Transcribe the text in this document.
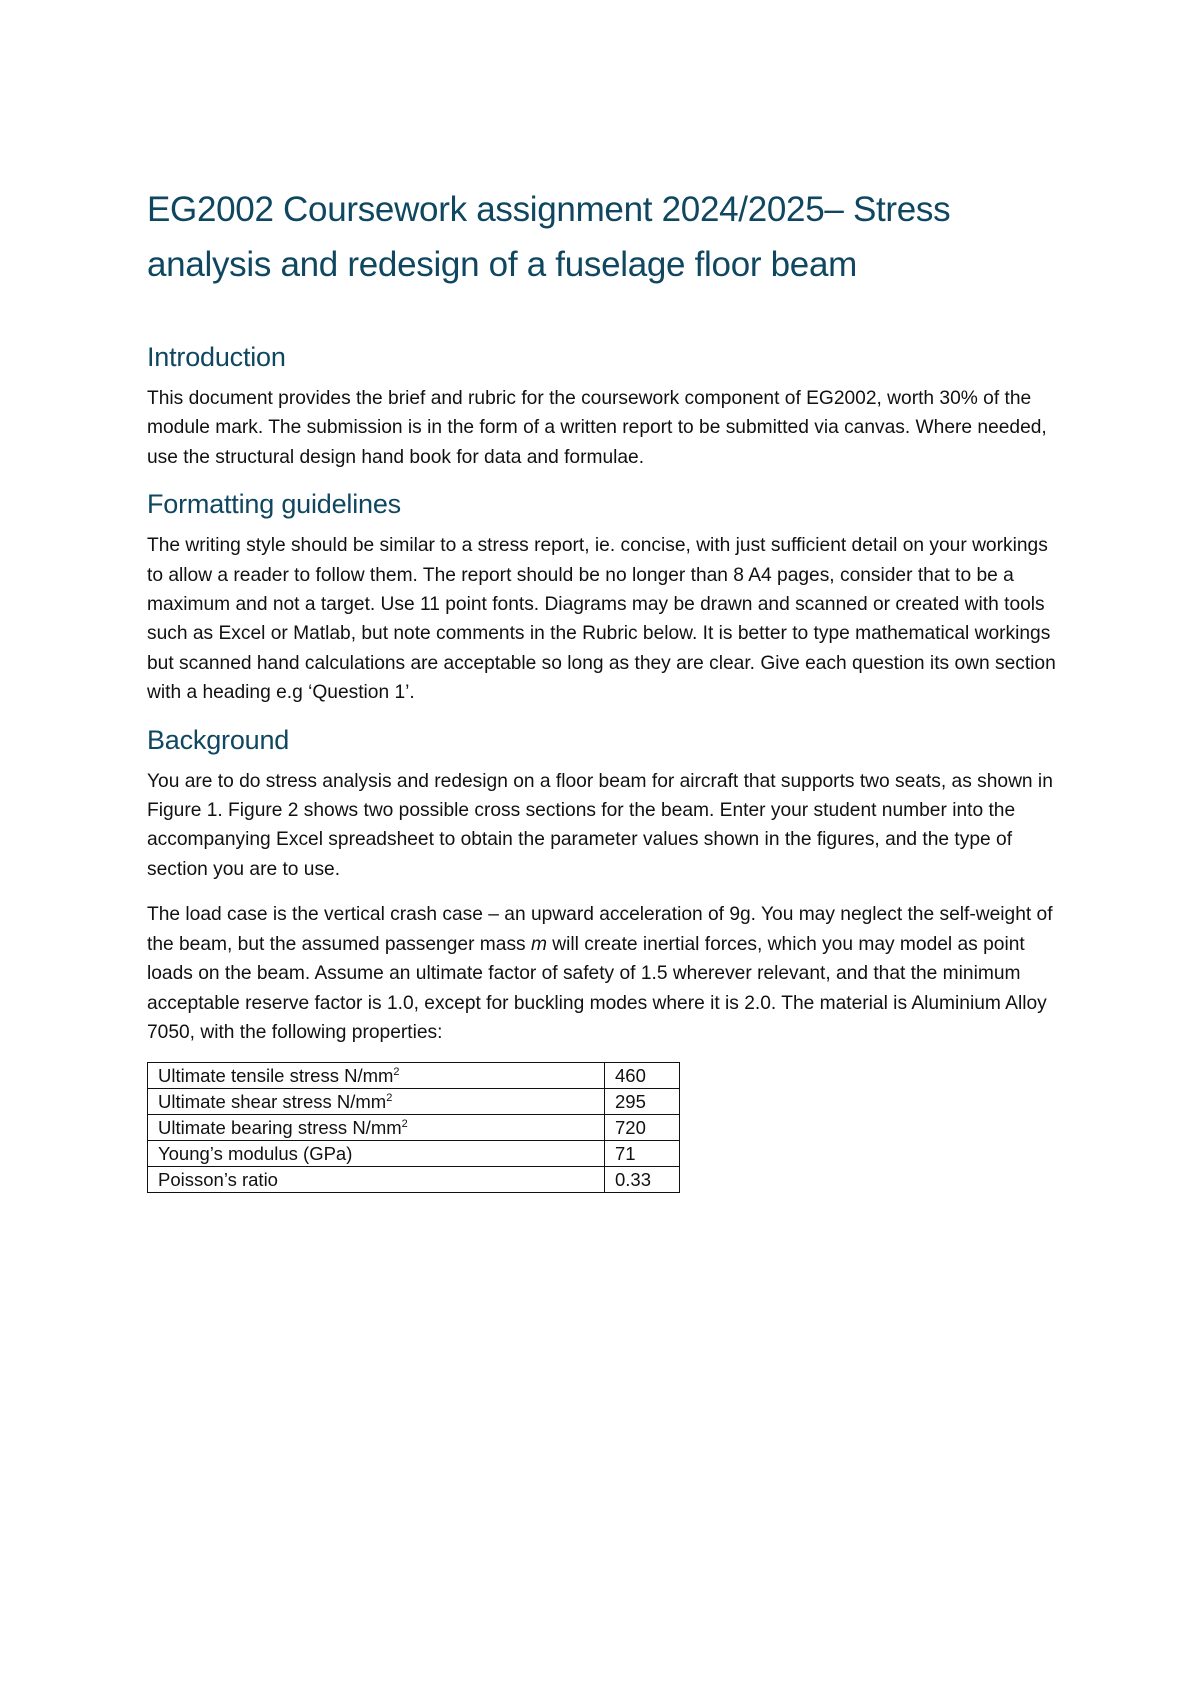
EG2002 Coursework assignment 2024/2025– Stress analysis and redesign of a fuselage floor beam
Introduction

This document provides the brief and rubric for the coursework component of EG2002, worth 30% of the module mark. The submission is in the form of a written report to be submitted via canvas. Where needed, use the structural design hand book for data and formulae.

Formatting guidelines

The writing style should be similar to a stress report, ie. concise, with just sufficient detail on your workings to allow a reader to follow them. The report should be no longer than 8 A4 pages, consider that to be a maximum and not a target. Use 11 point fonts. Diagrams may be drawn and scanned or created with tools such as Excel or Matlab, but note comments in the Rubric below. It is better to type mathematical workings but scanned hand calculations are acceptable so long as they are clear. Give each question its own section with a heading e.g ‘Question 1’.

Background

You are to do stress analysis and redesign on a floor beam for aircraft that supports two seats, as shown in Figure 1. Figure 2 shows two possible cross sections for the beam. Enter your student number into the accompanying Excel spreadsheet to obtain the parameter values shown in the figures, and the type of section you are to use.

The load case is the vertical crash case – an upward acceleration of 9g. You may neglect the self-weight of the beam, but the assumed passenger mass m will create inertial forces, which you may model as point loads on the beam. Assume an ultimate factor of safety of 1.5 wherever relevant, and that the minimum acceptable reserve factor is 1.0, except for buckling modes where it is 2.0. The material is Aluminium Alloy 7050, with the following properties:

Ultimate tensile stress $N/mm^2$	460
Ultimate shear stress $N/mm^2$	295
Ultimate bearing stress $N/mm^2$	720
Young’s modulus (GPa)	71
Poisson’s ratio	0.33
